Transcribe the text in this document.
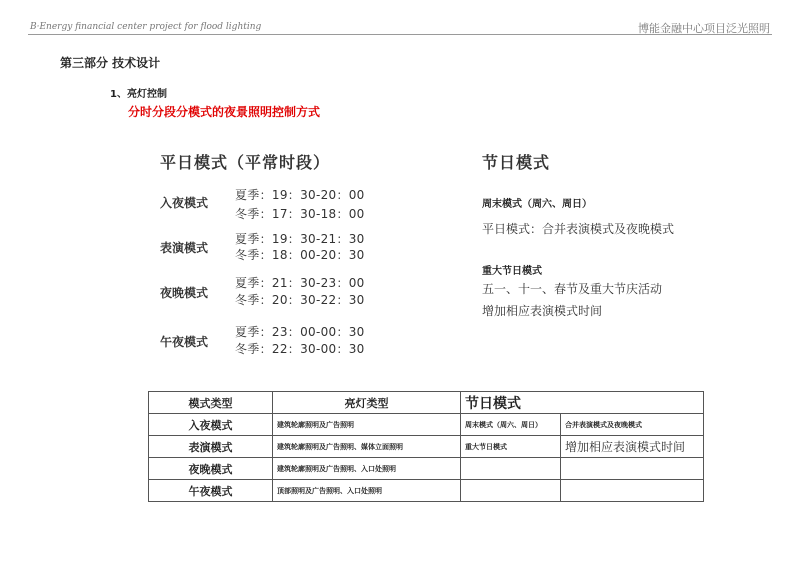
B·Energy financial center project for flood lighting	博能金融中心项目泛光照明
第三部分 技术设计
1、亮灯控制
分时分段分模式的夜景照明控制方式
平日模式（平常时段）
入夜模式
夏季：19：30-20：00
冬季：17：30-18：00
表演模式
夏季：19：30-21：30
冬季：18：00-20：30
夜晚模式
夏季：21：30-23：00
冬季：20：30-22：30
午夜模式
夏季：23：00-00：30
冬季：22：30-00：30
节日模式
周末模式（周六、周日）
平日模式：合并表演模式及夜晚模式
重大节日模式
五一、十一、春节及重大节庆活动
增加相应表演模式时间
模式类型	亮灯类型	节日模式	
入夜模式	建筑轮廓照明及广告照明	周末模式（周六、周日）	合并表演模式及夜晚模式
表演模式	建筑轮廓照明及广告照明、媒体立面照明	重大节日模式	增加相应表演模式时间
夜晚模式	建筑轮廓照明及广告照明、入口处照明		
午夜模式	顶部照明及广告照明、入口处照明		
